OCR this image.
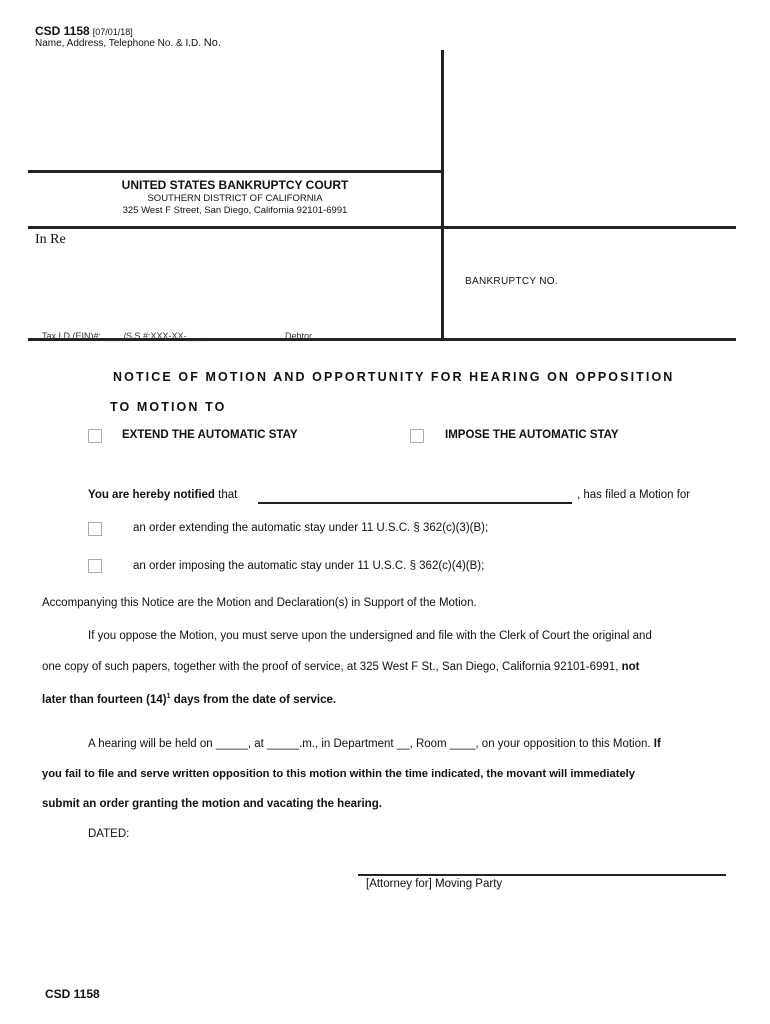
CSD 1158 [07/01/18]
Name, Address, Telephone No. & I.D. No.
UNITED STATES BANKRUPTCY COURT
SOUTHERN DISTRICT OF CALIFORNIA
325 West F Street, San Diego, California 92101-6991
In Re
BANKRUPTCY NO.
Tax I.D.(EIN)#: ____/S.S.#:XXX-XX-____	Debtor.
NOTICE OF MOTION AND OPPORTUNITY FOR HEARING ON OPPOSITION
TO MOTION TO
EXTEND THE AUTOMATIC STAY	IMPOSE THE AUTOMATIC STAY
You are hereby notified that	, has filed a Motion for
an order extending the automatic stay under 11 U.S.C. § 362(c)(3)(B);
an order imposing the automatic stay under 11 U.S.C. § 362(c)(4)(B);
Accompanying this Notice are the Motion and Declaration(s) in Support of the Motion.
If you oppose the Motion, you must serve upon the undersigned and file with the Clerk of Court the original and
one copy of such papers, together with the proof of service, at 325 West F St., San Diego, California 92101-6991, not
later than fourteen $(14)^1$ days from the date of service.
A hearing will be held on _____, at _____.m., in Department __, Room ____, on your opposition to this Motion. If
you fail to file and serve written opposition to this motion within the time indicated, the movant will immediately
submit an order granting the motion and vacating the hearing.
DATED:
[Attorney for] Moving Party
CSD 1158
